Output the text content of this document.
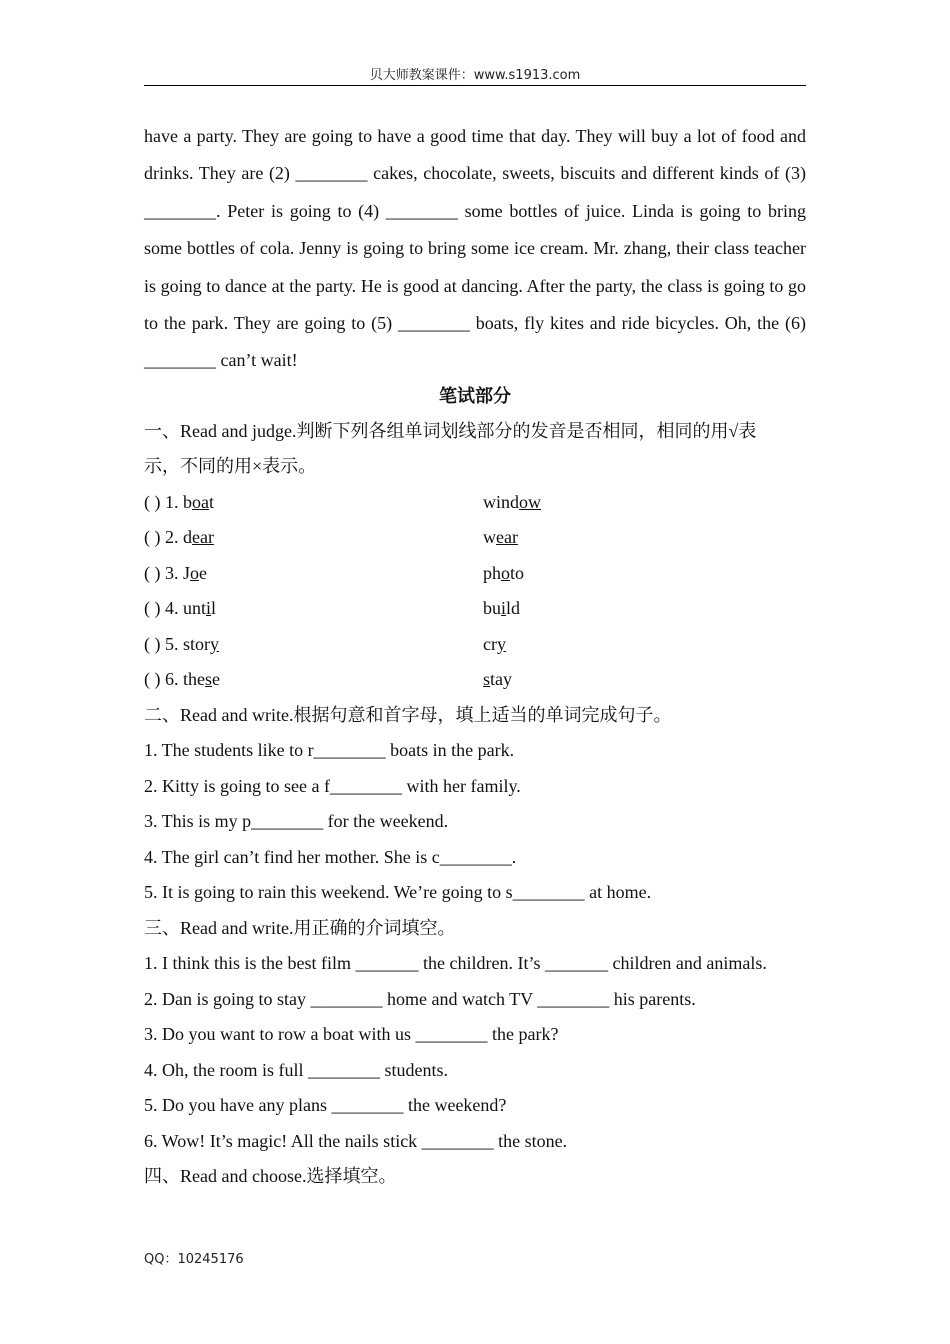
贝大师教案课件：www.s1913.com

have a party. They are going to have a good time that day. They will buy a lot of food and drinks. They are (2) ________ cakes, chocolate, sweets, biscuits and different kinds of (3) ________. Peter is going to (4) ________ some bottles of juice. Linda is going to bring some bottles of cola. Jenny is going to bring some ice cream. Mr. zhang, their class teacher is going to dance at the party. He is good at dancing. After the party, the class is going to go to the park. They are going to (5) ________ boats, fly kites and ride bicycles. Oh, the (6) ________ can’t wait!

笔试部分
一、Read and judge.判断下列各组单词划线部分的发音是否相同，相同的用√表
示，不同的用×表示。
( ) 1. boat	window
( ) 2. dear	wear
( ) 3. Joe	photo
( ) 4. until	build
( ) 5. story	cry
( ) 6. these	stay
二、Read and write.根据句意和首字母，填上适当的单词完成句子。
1. The students like to r________ boats in the park.
2. Kitty is going to see a f________ with her family.
3. This is my p________ for the weekend.
4. The girl can’t find her mother. She is c________.
5. It is going to rain this weekend. We’re going to s________ at home.
三、Read and write.用正确的介词填空。
1. I think this is the best film _______ the children. It’s _______ children and animals.
2. Dan is going to stay ________ home and watch TV ________ his parents.
3. Do you want to row a boat with us ________ the park?
4. Oh, the room is full ________ students.
5. Do you have any plans ________ the weekend?
6. Wow! It’s magic! All the nails stick ________ the stone.
四、Read and choose.选择填空。
QQ：10245176
